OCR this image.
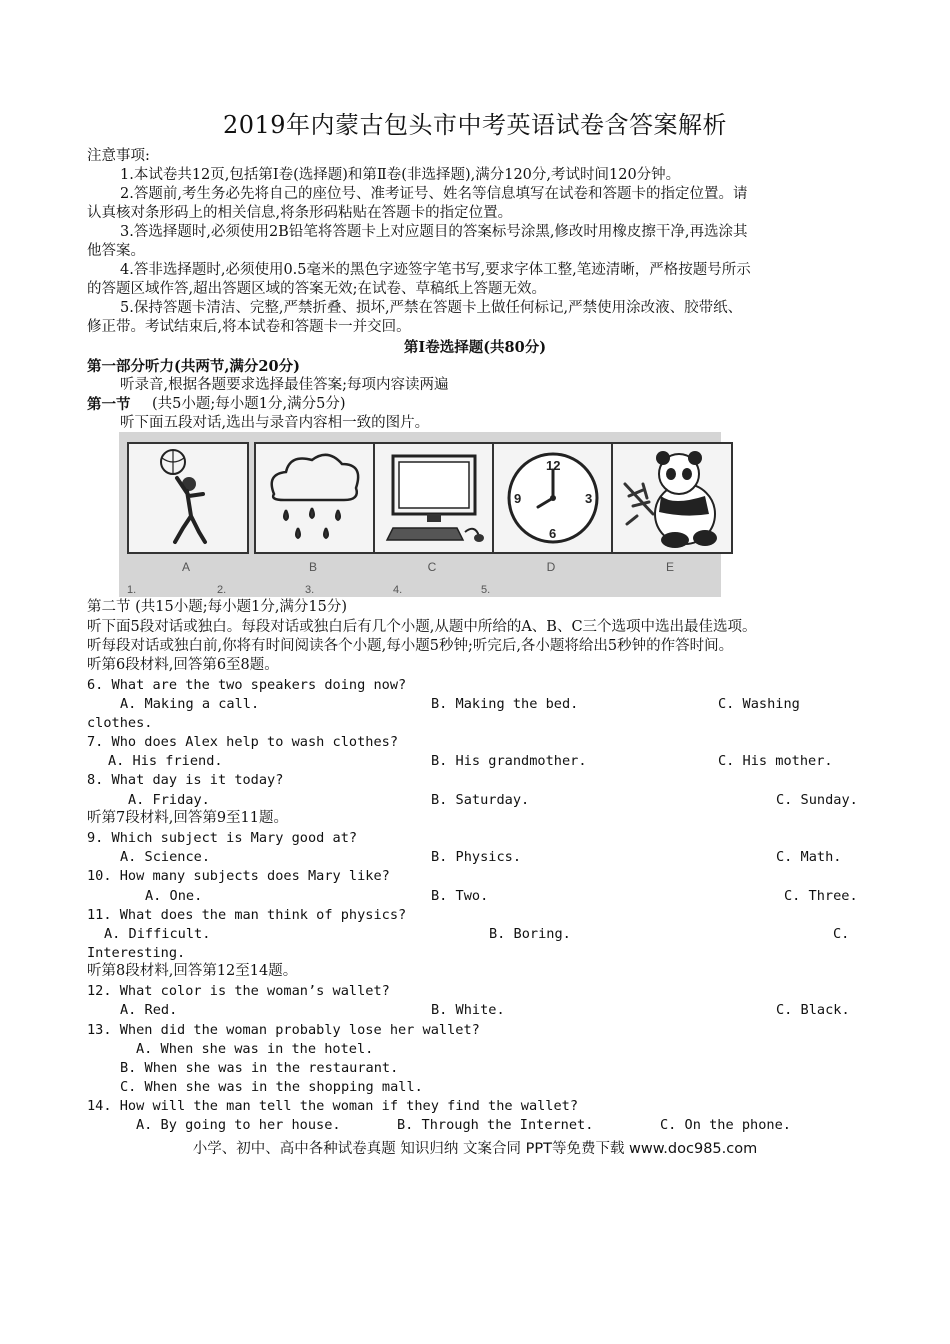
2019年内蒙古包头市中考英语试卷含答案解析
注意事项:
1.本试卷共12页,包括第Ⅰ卷(选择题)和第Ⅱ卷(非选择题),满分120分,考试时间120分钟。
2.答题前,考生务必先将自己的座位号、准考证号、姓名等信息填写在试卷和答题卡的指定位置。请
认真核对条形码上的相关信息,将条形码粘贴在答题卡的指定位置。
3.答选择题时,必须使用2B铅笔将答题卡上对应题目的答案标号涂黑,修改时用橡皮擦干净,再选涂其
他答案。
4.答非选择题时,必须使用0.5毫米的黑色字迹签字笔书写,要求字体工整,笔迹清晰，严格按题号所示
的答题区域作答,超出答题区域的答案无效;在试卷、草稿纸上答题无效。
5.保持答题卡清洁、完整,严禁折叠、损坏,严禁在答题卡上做任何标记,严禁使用涂改液、胶带纸、
修正带。考试结束后,将本试卷和答题卡一并交回。
第Ⅰ卷选择题(共80分)
第一部分听力(共两节,满分20分)
听录音,根据各题要求选择最佳答案;每项内容读两遍
第一节 (共5小题;每小题1分,满分5分)
听下面五段对话,选出与录音内容相一致的图片。
12
3
6
9
A	B	C	D	E
1.	2.	3.	4.	5.
第二节 (共15小题;每小题1分,满分15分)
听下面5段对话或独白。每段对话或独白后有几个小题,从题中所给的A、B、C三个选项中选出最佳选项。
听每段对话或独白前,你将有时间阅读各个小题,每小题5秒钟;听完后,各小题将给出5秒钟的作答时间。
听第6段材料,回答第6至8题。
6. What are the two speakers doing now?
A. Making a call.	B. Making the bed.	C. Washing
clothes.
7. Who does Alex help to wash clothes?
A. His friend.	B. His grandmother.	C. His mother.
8. What day is it today?
A. Friday.	B. Saturday.	C. Sunday.
听第7段材料,回答第9至11题。
9. Which subject is Mary good at?
A. Science.	B. Physics.	C. Math.
10. How many subjects does Mary like?
A. One.	B. Two.	C. Three.
11. What does the man think of physics?
A. Difficult.	B. Boring.	C.
Interesting.
听第8段材料,回答第12至14题。
12. What color is the woman’s wallet?
A. Red.	B. White.	C. Black.
13. When did the woman probably lose her wallet?
A. When she was in the hotel.
B. When she was in the restaurant.
C. When she was in the shopping mall.
14. How will the man tell the woman if they find the wallet?
A. By going to her house.	B. Through the Internet.	C. On the phone.
小学、初中、高中各种试卷真题 知识归纳 文案合同 PPT等免费下载 www.doc985.com
